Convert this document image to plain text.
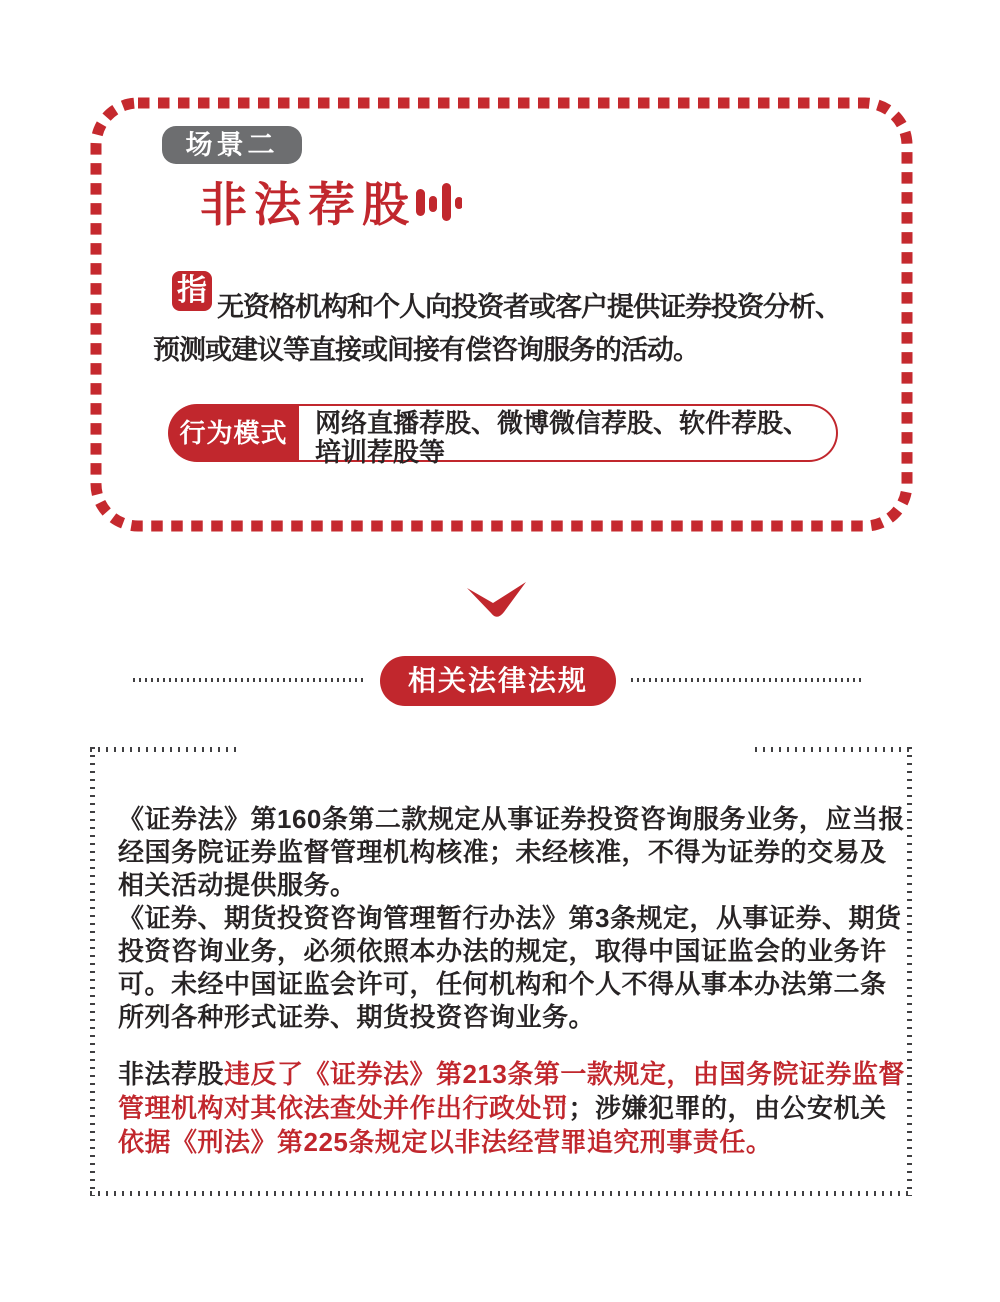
场景二
非法荐股
指 无资格机构和个人向投资者或客户提供证券投资分析、
预测或建议等直接或间接有偿咨询服务的活动。
行为模式	网络直播荐股、微博微信荐股、软件荐股、
培训荐股等
相关法律法规
《证券法》第160条第二款规定从事证券投资咨询服务业务，应当报
经国务院证券监督管理机构核准；未经核准，不得为证券的交易及
相关活动提供服务。
《证券、期货投资咨询管理暂行办法》第3条规定，从事证券、期货
投资咨询业务，必须依照本办法的规定，取得中国证监会的业务许
可。未经中国证监会许可，任何机构和个人不得从事本办法第二条
所列各种形式证券、期货投资咨询业务。
非法荐股违反了《证券法》第213条第一款规定，由国务院证券监督
管理机构对其依法查处并作出行政处罚；涉嫌犯罪的，由公安机关
依据《刑法》第225条规定以非法经营罪追究刑事责任。
